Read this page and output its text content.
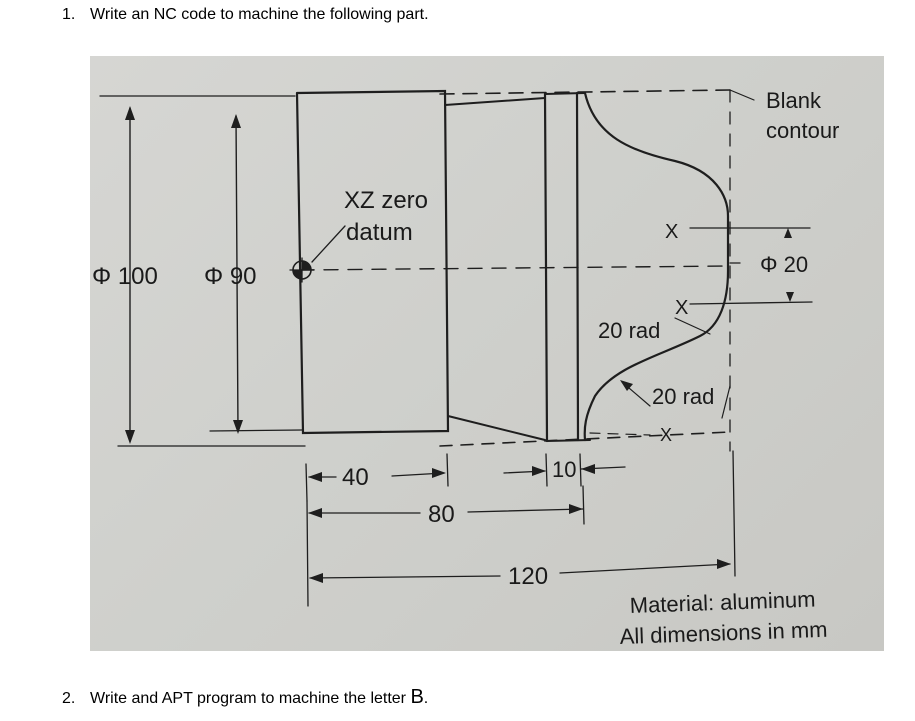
1. Write an NC code to machine the following part.
Φ 100 Φ 90
XZ zero
datum
Blank
contour
X
X
X
Φ 20
20 rad
20 rad
40	10
80
120
Material: aluminum
All dimensions in mm
2. Write and APT program to machine the letter B.
